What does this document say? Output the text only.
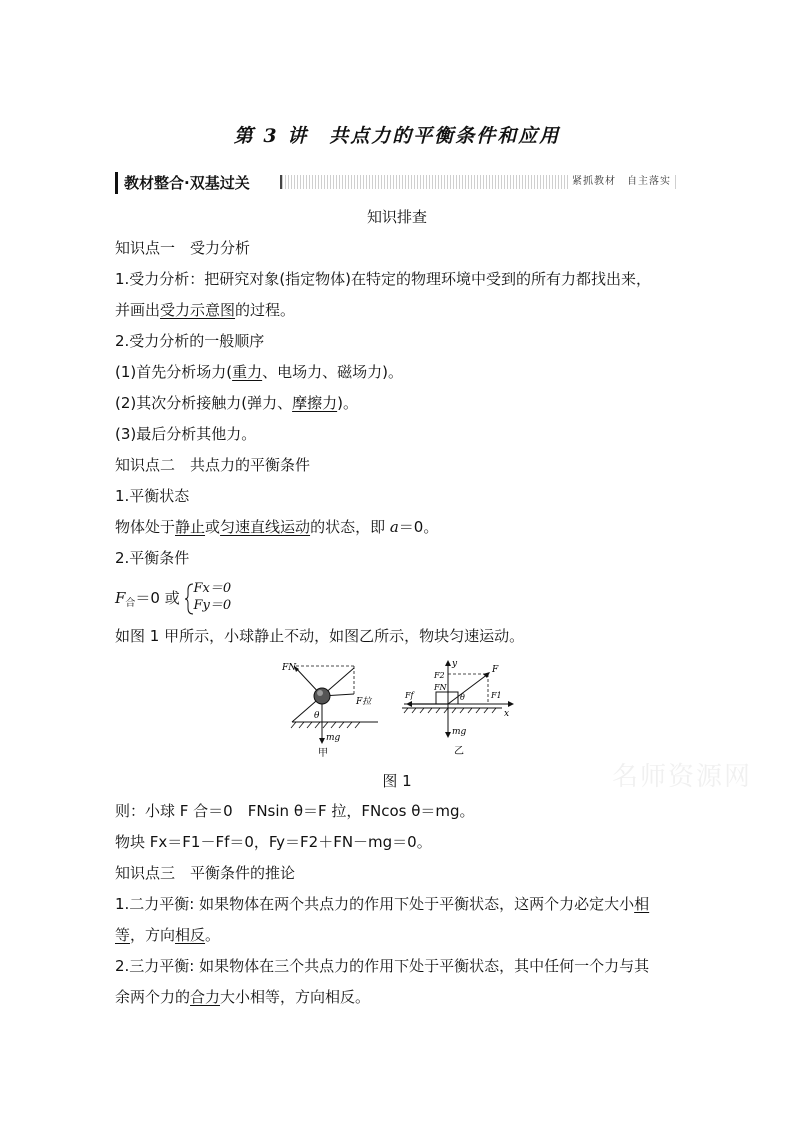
第 3 讲　共点力的平衡条件和应用
教材整合·双基过关	紧抓教材　自主落实
知识排查
知识点一　受力分析
1.受力分析：把研究对象(指定物体)在特定的物理环境中受到的所有力都找出来，
并画出受力示意图的过程。
2.受力分析的一般顺序
(1)首先分析场力(重力、电场力、磁场力)。
(2)其次分析接触力(弹力、摩擦力)。
(3)最后分析其他力。
知识点二　共点力的平衡条件
1.平衡状态
物体处于静止或匀速直线运动的状态，即 a＝0。
2.平衡条件
$F_合=0$ 或
Fx＝0
Fy＝0
如图 1 甲所示，小球静止不动，如图乙所示，物块匀速运动。
FN
F拉
θ
mg
甲
y
x
F
F1
F2
Ff
FN
θ
mg
乙
名师资源网
图 1
则：小球 F 合＝0　FNsin θ＝F 拉，FNcos θ＝mg。
物块 Fx＝F1－Ff＝0，Fy＝F2＋FN－mg＝0。
知识点三　平衡条件的推论
1.二力平衡: 如果物体在两个共点力的作用下处于平衡状态，这两个力必定大小相
等，方向相反。
2.三力平衡: 如果物体在三个共点力的作用下处于平衡状态，其中任何一个力与其
余两个力的合力大小相等，方向相反。
